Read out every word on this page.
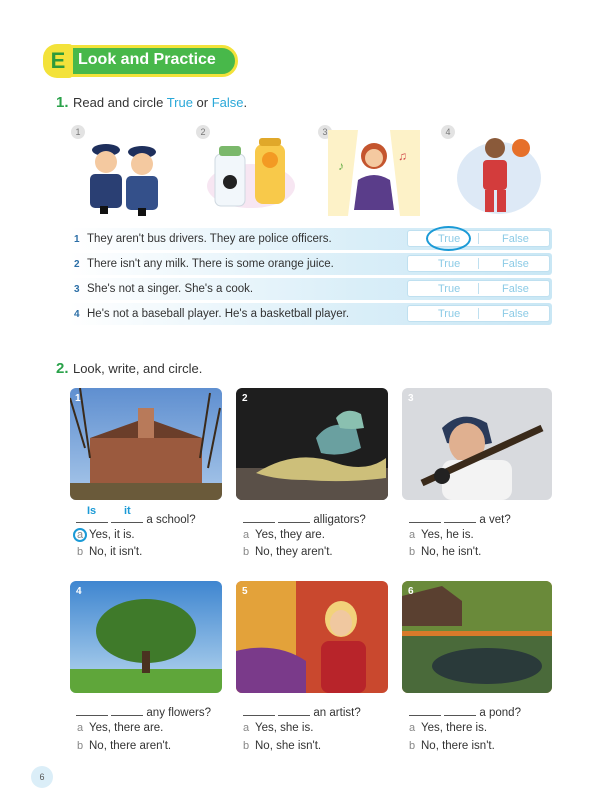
E Look and Practice
1. Read and circle True or False.
1	2	3
♪
♫
4
1 They aren't bus drivers. They are police officers.	True	False
2 There isn't any milk. There is some orange juice.	True	False
3 She's not a singer. She's a cook.	True	False
4 He's not a baseball player. He's a basketball player.	True	False
2. Look, write, and circle.
1	2	3
4	5	6
a school?
Is	it
a Yes, it is.
b No, it isn't.
alligators?
a Yes, they are.
b No, they aren't.
a vet?
a Yes, he is.
b No, he isn't.
any flowers?
a Yes, there are.
b No, there aren't.
an artist?
a Yes, she is.
b No, she isn't.
a pond?
a Yes, there is.
b No, there isn't.
6
